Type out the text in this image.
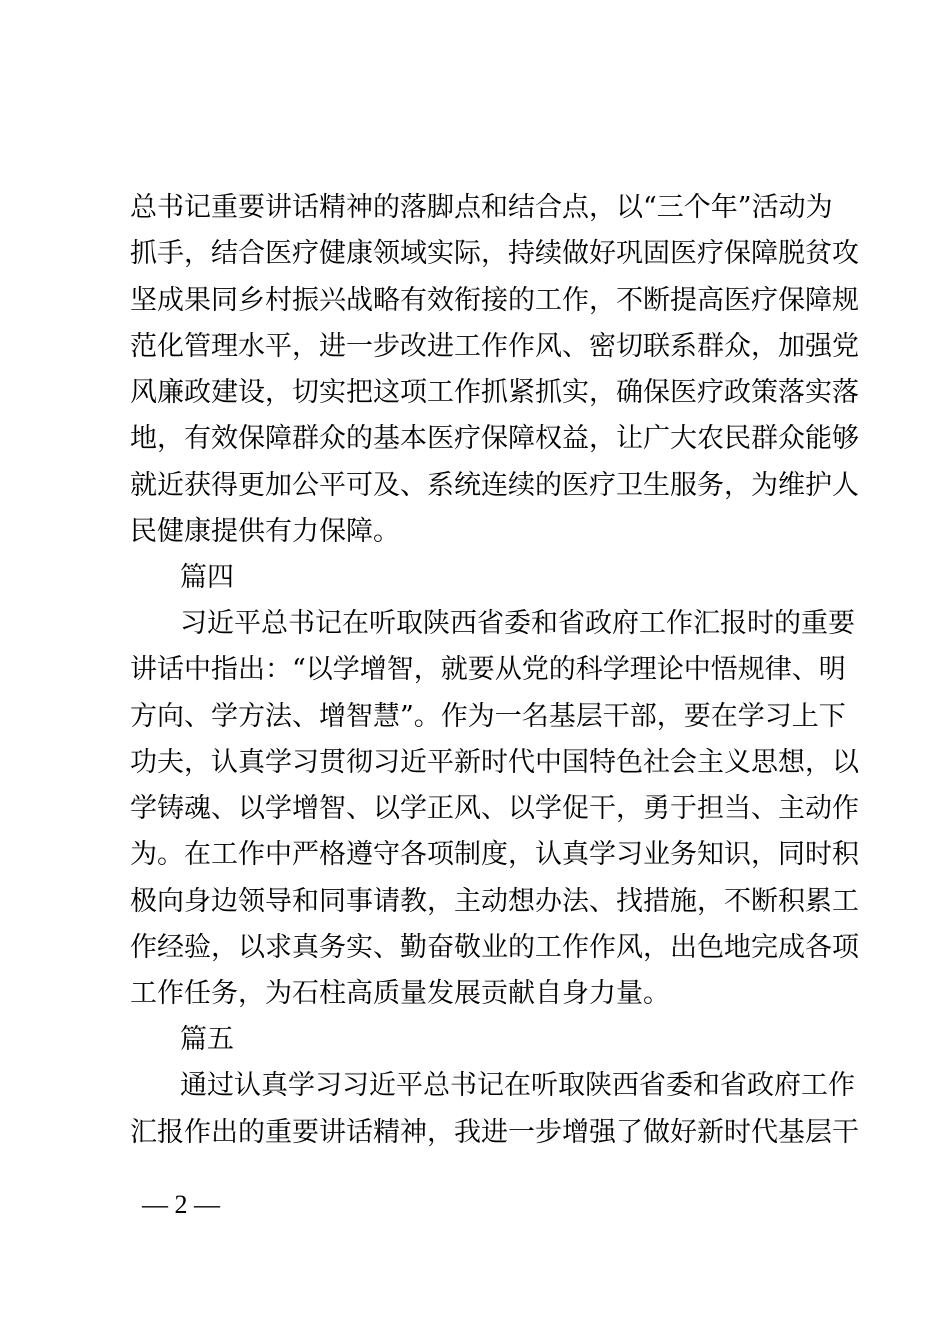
总书记重要讲话精神的落脚点和结合点，以“三个年”活动为
抓手，结合医疗健康领域实际，持续做好巩固医疗保障脱贫攻
坚成果同乡村振兴战略有效衔接的工作，不断提高医疗保障规
范化管理水平，进一步改进工作作风、密切联系群众，加强党
风廉政建设，切实把这项工作抓紧抓实，确保医疗政策落实落
地，有效保障群众的基本医疗保障权益，让广大农民群众能够
就近获得更加公平可及、系统连续的医疗卫生服务，为维护人
民健康提供有力保障。
篇四
习近平总书记在听取陕西省委和省政府工作汇报时的重要
讲话中指出：“以学增智，就要从党的科学理论中悟规律、明
方向、学方法、增智慧”。作为一名基层干部，要在学习上下
功夫，认真学习贯彻习近平新时代中国特色社会主义思想，以
学铸魂、以学增智、以学正风、以学促干，勇于担当、主动作
为。在工作中严格遵守各项制度，认真学习业务知识，同时积
极向身边领导和同事请教，主动想办法、找措施，不断积累工
作经验，以求真务实、勤奋敬业的工作作风，出色地完成各项
工作任务，为石柱高质量发展贡献自身力量。
篇五
通过认真学习习近平总书记在听取陕西省委和省政府工作
汇报作出的重要讲话精神，我进一步增强了做好新时代基层干
— 2 —
